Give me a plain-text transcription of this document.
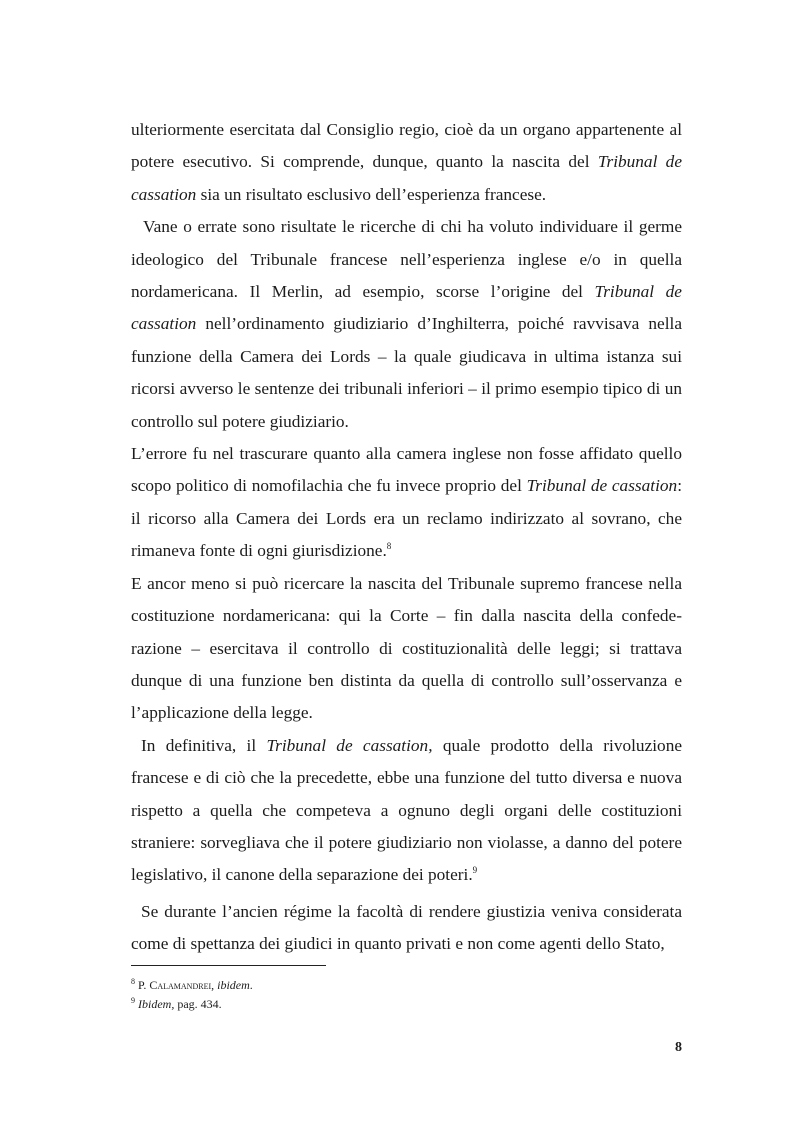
ulteriormente esercitata dal Consiglio regio, cioè da un organo appartenente al potere esecutivo. Si comprende, dunque, quanto la nascita del Tribunal de cassation sia un risultato esclusivo dell’esperienza francese.

Vane o errate sono risultate le ricerche di chi ha voluto individuare il germe ideologico del Tribunale francese nell’esperienza inglese e/o in quella nordamericana. Il Merlin, ad esempio, scorse l’origine del Tribunal de cassation nell’ordinamento giudiziario d’Inghilterra, poiché ravvisava nella funzione della Camera dei Lords – la quale giudicava in ultima istanza sui ricorsi avverso le sentenze dei tribunali inferiori – il primo esempio tipico di un controllo sul potere giudiziario.

L’errore fu nel trascurare quanto alla camera inglese non fosse affidato quello scopo politico di nomofilachia che fu invece proprio del Tribunal de cassation: il ricorso alla Camera dei Lords era un reclamo indirizzato al sovrano, che rimaneva fonte di ogni giurisdizione.$^8$

E ancor meno si può ricercare la nascita del Tribunale supremo francese nella costituzione nordamericana: qui la Corte – fin dalla nascita della confede-razione – esercitava il controllo di costituzionalità delle leggi; si trattava dunque di una funzione ben distinta da quella di controllo sull’osservanza e l’applicazione della legge.

In definitiva, il Tribunal de cassation, quale prodotto della rivoluzione francese e di ciò che la precedette, ebbe una funzione del tutto diversa e nuova rispetto a quella che competeva a ognuno degli organi delle costituzioni straniere: sorvegliava che il potere giudiziario non violasse, a danno del potere legislativo, il canone della separazione dei poteri.$^9$

Se durante l’ancien régime la facoltà di rendere giustizia veniva considerata come di spettanza dei giudici in quanto privati e non come agenti dello Stato,

$^8$ P. Calamandrei, ibidem.
$^9$ Ibidem, pag. 434.
8
